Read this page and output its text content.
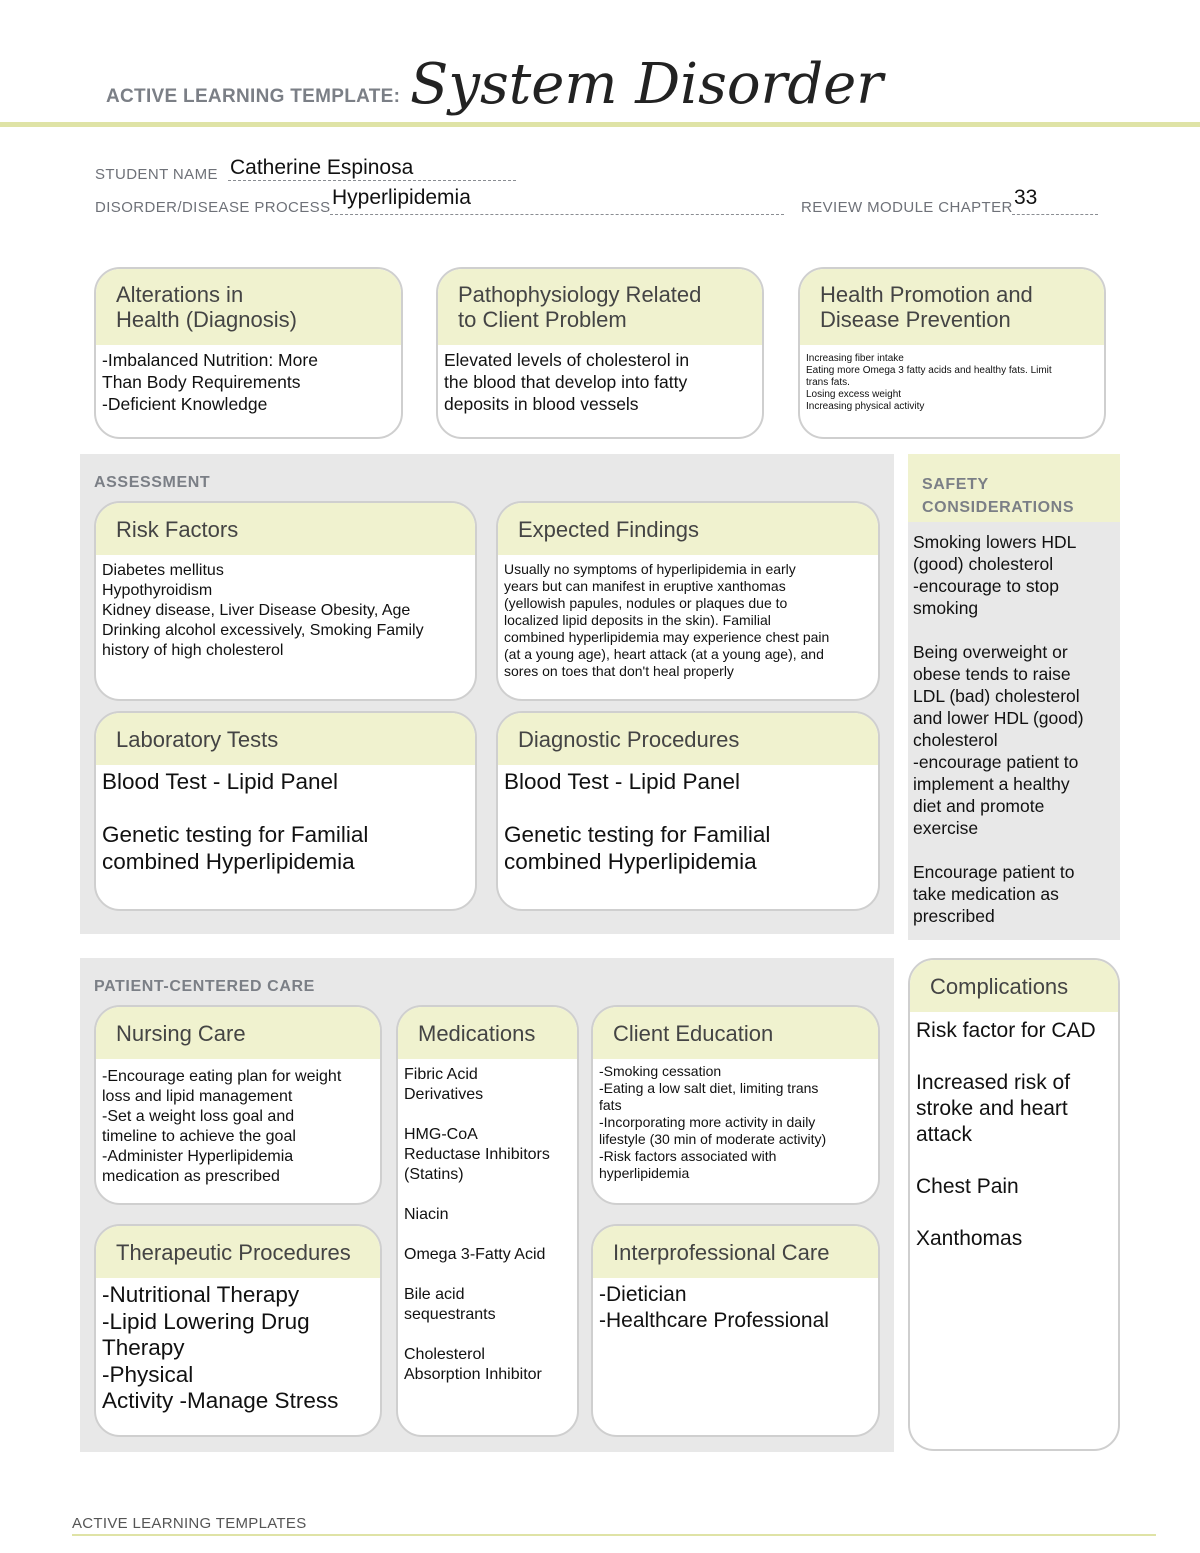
ACTIVE LEARNING TEMPLATE: System Disorder
STUDENT NAME Catherine Espinosa
DISORDER/DISEASE PROCESS Hyperlipidemia	REVIEW MODULE CHAPTER 33
Alterations in
Health (Diagnosis)
-Imbalanced Nutrition: More
Than Body Requirements
-Deficient Knowledge
Pathophysiology Related
to Client Problem
Elevated levels of cholesterol in
the blood that develop into fatty
deposits in blood vessels
Health Promotion and
Disease Prevention
Increasing fiber intake
Eating more Omega 3 fatty acids and healthy fats. Limit
trans fats.
Losing excess weight
Increasing physical activity
ASSESSMENT
Risk Factors
Diabetes mellitus
Hypothyroidism
Kidney disease, Liver Disease Obesity, Age
Drinking alcohol excessively, Smoking Family
history of high cholesterol
Expected Findings
Usually no symptoms of hyperlipidemia in early
years but can manifest in eruptive xanthomas
(yellowish papules, nodules or plaques due to
localized lipid deposits in the skin). Familial
combined hyperlipidemia may experience chest pain
(at a young age), heart attack (at a young age), and
sores on toes that don't heal properly
Laboratory Tests
Blood Test - Lipid Panel

Genetic testing for Familial
combined Hyperlipidemia
Diagnostic Procedures
Blood Test - Lipid Panel

Genetic testing for Familial
combined Hyperlipidemia
SAFETY
CONSIDERATIONS
Smoking lowers HDL
(good) cholesterol
-encourage to stop
smoking

Being overweight or
obese tends to raise
LDL (bad) cholesterol
and lower HDL (good)
cholesterol
-encourage patient to
implement a healthy
diet and promote
exercise

Encourage patient to
take medication as
prescribed
PATIENT-CENTERED CARE
Nursing Care
-Encourage eating plan for weight
loss and lipid management
-Set a weight loss goal and
timeline to achieve the goal
-Administer Hyperlipidemia
medication as prescribed
Medications
Fibric Acid
Derivatives

HMG-CoA
Reductase Inhibitors
(Statins)

Niacin

Omega 3-Fatty Acid

Bile acid
sequestrants

Cholesterol
Absorption Inhibitor
Client Education
-Smoking cessation
-Eating a low salt diet, limiting trans
fats
-Incorporating more activity in daily
lifestyle (30 min of moderate activity)
-Risk factors associated with
hyperlipidemia
Therapeutic Procedures
-Nutritional Therapy
-Lipid Lowering Drug
Therapy
-Physical
Activity -Manage Stress
Interprofessional Care
-Dietician
-Healthcare Professional
Complications
Risk factor for CAD

Increased risk of
stroke and heart
attack

Chest Pain

Xanthomas
ACTIVE LEARNING TEMPLATES
